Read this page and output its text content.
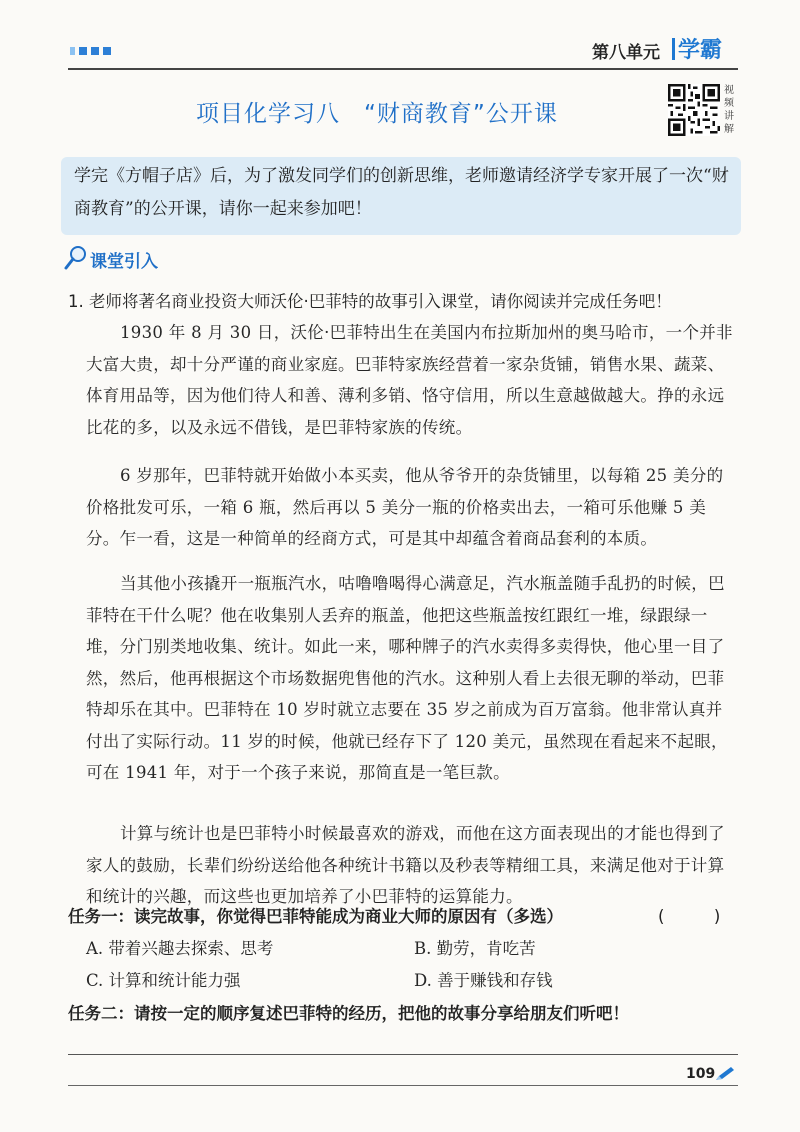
第八单元 学霸
项目化学习八　“财商教育”公开课
视
频
讲
解
学完《方帽子店》后，为了激发同学们的创新思维，老师邀请经济学专家开展了一次“财商教育”的公开课，请你一起来参加吧！
课堂引入
1. 老师将著名商业投资大师沃伦·巴菲特的故事引入课堂，请你阅读并完成任务吧！

1930 年 8 月 30 日，沃伦·巴菲特出生在美国内布拉斯加州的奥马哈市，一个并非大富大贵，却十分严谨的商业家庭。巴菲特家族经营着一家杂货铺，销售水果、蔬菜、体育用品等，因为他们待人和善、薄利多销、恪守信用，所以生意越做越大。挣的永远比花的多，以及永远不借钱，是巴菲特家族的传统。

6 岁那年，巴菲特就开始做小本买卖，他从爷爷开的杂货铺里，以每箱 25 美分的价格批发可乐，一箱 6 瓶，然后再以 5 美分一瓶的价格卖出去，一箱可乐他赚 5 美分。乍一看，这是一种简单的经商方式，可是其中却蕴含着商品套利的本质。

当其他小孩撬开一瓶瓶汽水，咕噜噜喝得心满意足，汽水瓶盖随手乱扔的时候，巴菲特在干什么呢？他在收集别人丢弃的瓶盖，他把这些瓶盖按红跟红一堆，绿跟绿一堆，分门别类地收集、统计。如此一来，哪种牌子的汽水卖得多卖得快，他心里一目了然，然后，他再根据这个市场数据兜售他的汽水。这种别人看上去很无聊的举动，巴菲特却乐在其中。巴菲特在 10 岁时就立志要在 35 岁之前成为百万富翁。他非常认真并付出了实际行动。11 岁的时候，他就已经存下了 120 美元，虽然现在看起来不起眼，可在 1941 年，对于一个孩子来说，那简直是一笔巨款。

计算与统计也是巴菲特小时候最喜欢的游戏，而他在这方面表现出的才能也得到了家人的鼓励，长辈们纷纷送给他各种统计书籍以及秒表等精细工具，来满足他对于计算和统计的兴趣，而这些也更加培养了小巴菲特的运算能力。

任务一：读完故事，你觉得巴菲特能成为商业大师的原因有（多选）	(　　　)
A. 带着兴趣去探索、思考	B. 勤劳，肯吃苦
C. 计算和统计能力强	D. 善于赚钱和存钱
任务二：请按一定的顺序复述巴菲特的经历，把他的故事分享给朋友们听吧！
109
